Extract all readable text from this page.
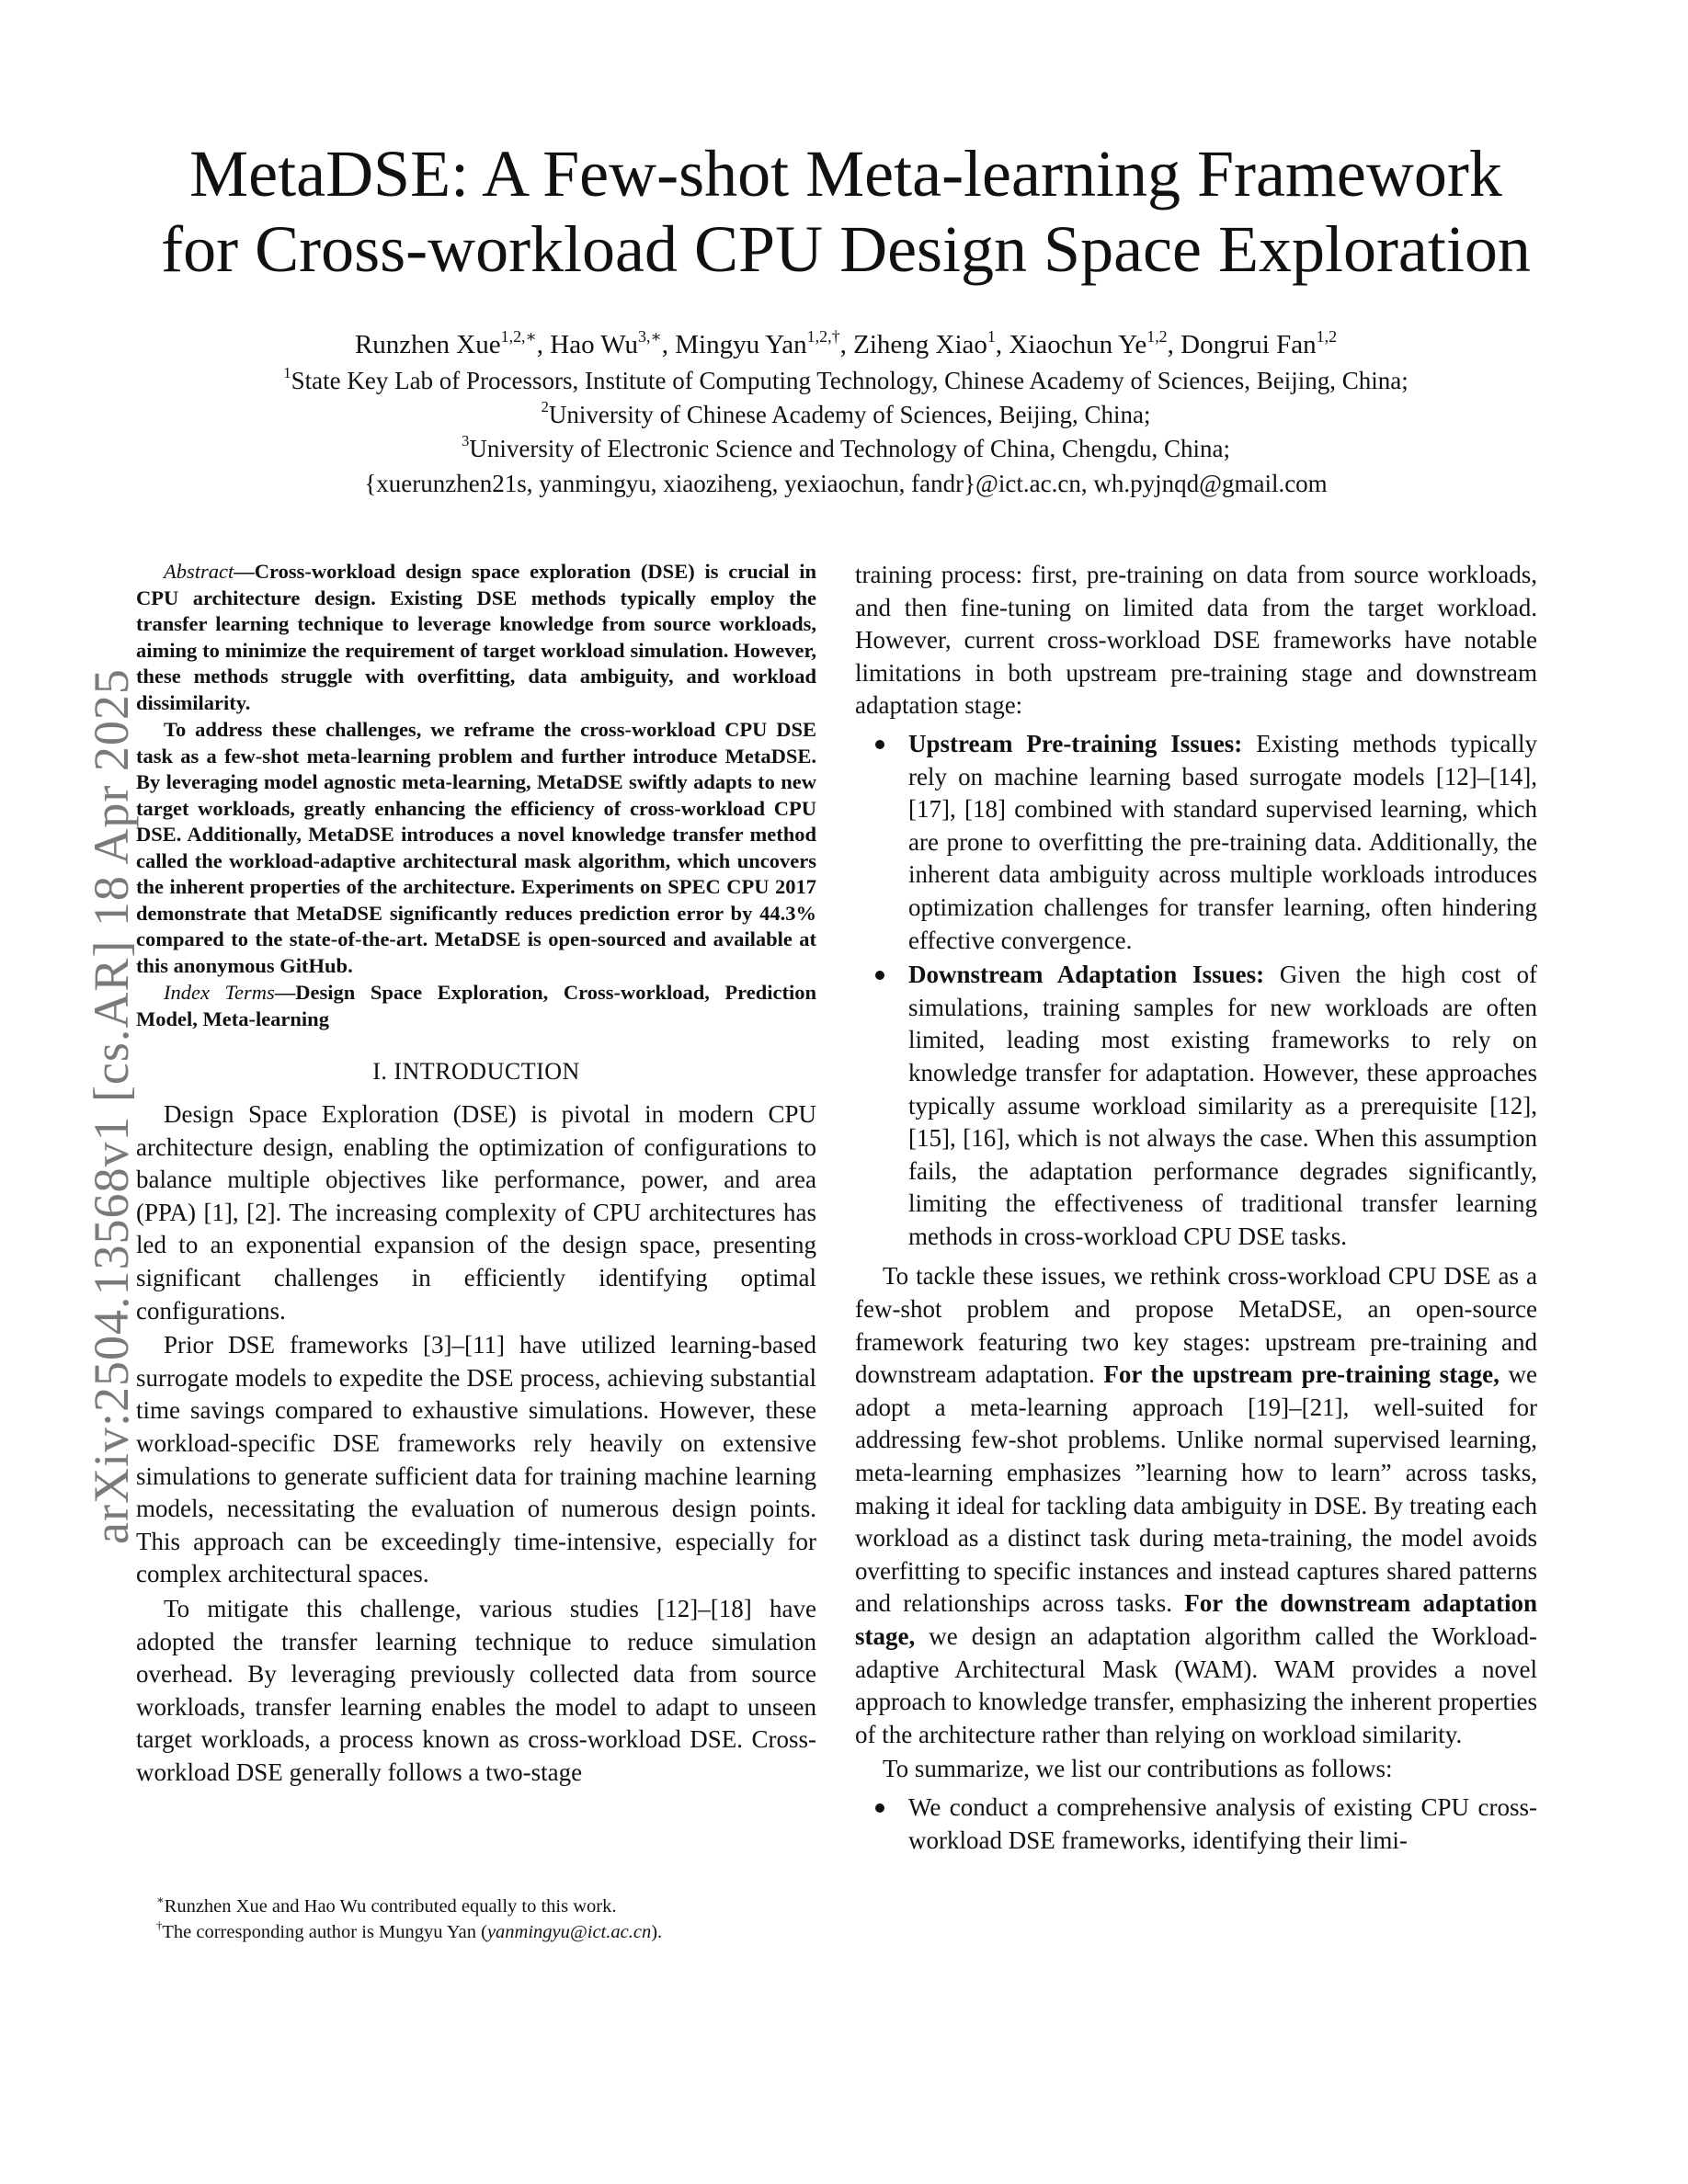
MetaDSE: A Few-shot Meta-learning Framework
for Cross-workload CPU Design Space Exploration
Runzhen Xue$^{1,2,∗}$, Hao $Wu^{3,∗}$, Mingyu Yan$^{1,2,\dagger}$, Ziheng Xiao$^1$, Xiaochun Ye$^{1,2}$, Dongrui Fan$^{1,2}$
$^1$State Key Lab of Processors, Institute of Computing Technology, Chinese Academy of Sciences, Beijing, China;
$^2$University of Chinese Academy of Sciences, Beijing, China;
$^3$University of Electronic Science and Technology of China, Chengdu, China;
{xuerunzhen21s, yanmingyu, xiaoziheng, yexiaochun, fandr}@ict.ac.cn, wh.pyjnqd@gmail.com
arXiv:2504.13568v1 [cs.AR] 18 Apr 2025

Abstract—Cross-workload design space exploration (DSE) is crucial in CPU architecture design. Existing DSE methods typically employ the transfer learning technique to leverage knowledge from source workloads, aiming to minimize the requirement of target workload simulation. However, these methods struggle with overfitting, data ambiguity, and workload dissimilarity.

To address these challenges, we reframe the cross-workload CPU DSE task as a few-shot meta-learning problem and further introduce MetaDSE. By leveraging model agnostic meta-learning, MetaDSE swiftly adapts to new target workloads, greatly enhancing the efficiency of cross-workload CPU DSE. Additionally, MetaDSE introduces a novel knowledge transfer method called the workload-adaptive architectural mask algorithm, which uncovers the inherent properties of the architecture. Experiments on SPEC CPU 2017 demonstrate that MetaDSE significantly reduces prediction error by 44.3% compared to the state-of-the-art. MetaDSE is open-sourced and available at this anonymous GitHub.

Index Terms—Design Space Exploration, Cross-workload, Prediction Model, Meta-learning

I. INTRODUCTION

Design Space Exploration (DSE) is pivotal in modern CPU architecture design, enabling the optimization of configurations to balance multiple objectives like performance, power, and area (PPA) [1], [2]. The increasing complexity of CPU architectures has led to an exponential expansion of the design space, presenting significant challenges in efficiently identifying optimal configurations.

Prior DSE frameworks [3]–[11] have utilized learning-based surrogate models to expedite the DSE process, achieving substantial time savings compared to exhaustive simulations. However, these workload-specific DSE frameworks rely heavily on extensive simulations to generate sufficient data for training machine learning models, necessitating the evaluation of numerous design points. This approach can be exceedingly time-intensive, especially for complex architectural spaces.

To mitigate this challenge, various studies [12]–[18] have adopted the transfer learning technique to reduce simulation overhead. By leveraging previously collected data from source workloads, transfer learning enables the model to adapt to unseen target workloads, a process known as cross-workload DSE. Cross-workload DSE generally follows a two-stage

∗Runzhen Xue and Hao Wu contributed equally to this work.

†The corresponding author is Mungyu Yan (yanmingyu@ict.ac.cn).

training process: first, pre-training on data from source workloads, and then fine-tuning on limited data from the target workload. However, current cross-workload DSE frameworks have notable limitations in both upstream pre-training stage and downstream adaptation stage:

Upstream Pre-training Issues: Existing methods typically rely on machine learning based surrogate models [12]–[14], [17], [18] combined with standard supervised learning, which are prone to overfitting the pre-training data. Additionally, the inherent data ambiguity across multiple workloads introduces optimization challenges for transfer learning, often hindering effective convergence.
Downstream Adaptation Issues: Given the high cost of simulations, training samples for new workloads are often limited, leading most existing frameworks to rely on knowledge transfer for adaptation. However, these approaches typically assume workload similarity as a prerequisite [12], [15], [16], which is not always the case. When this assumption fails, the adaptation performance degrades significantly, limiting the effectiveness of traditional transfer learning methods in cross-workload CPU DSE tasks.

To tackle these issues, we rethink cross-workload CPU DSE as a few-shot problem and propose MetaDSE, an open-source framework featuring two key stages: upstream pre-training and downstream adaptation. For the upstream pre-training stage, we adopt a meta-learning approach [19]–[21], well-suited for addressing few-shot problems. Unlike normal supervised learning, meta-learning emphasizes ”learning how to learn” across tasks, making it ideal for tackling data ambiguity in DSE. By treating each workload as a distinct task during meta-training, the model avoids overfitting to specific instances and instead captures shared patterns and relationships across tasks. For the downstream adaptation stage, we design an adaptation algorithm called the Workload-adaptive Architectural Mask (WAM). WAM provides a novel approach to knowledge transfer, emphasizing the inherent properties of the architecture rather than relying on workload similarity.

To summarize, we list our contributions as follows:

We conduct a comprehensive analysis of existing CPU cross-workload DSE frameworks, identifying their limi-
